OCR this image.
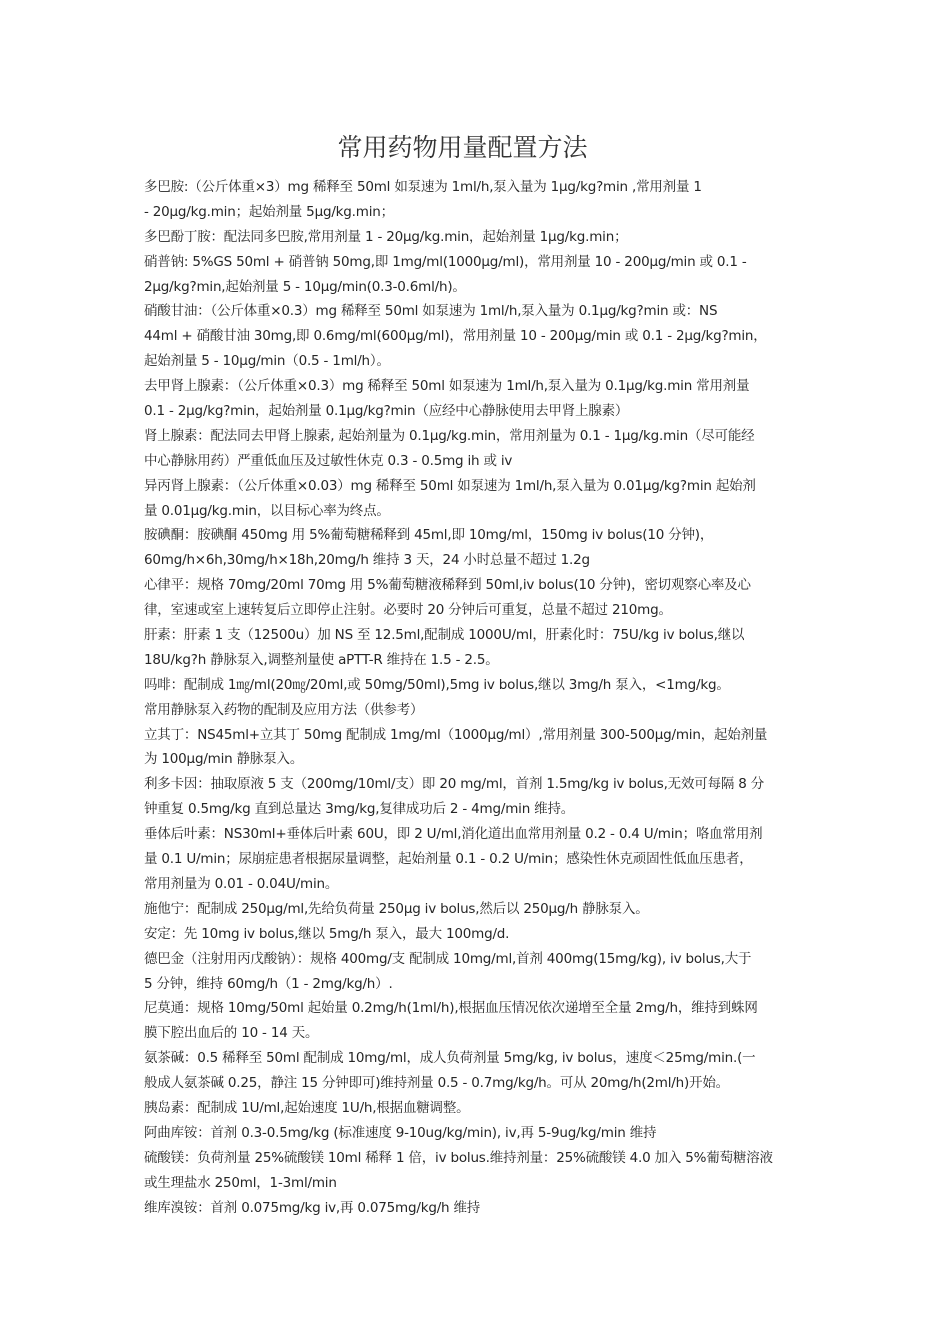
常用药物用量配置方法
多巴胺:（公斤体重×3）mg 稀释至 50ml 如泵速为 1ml/h,泵入量为 1μg/kg?min ,常用剂量 1
- 20μg/kg.min；起始剂量 5μg/kg.min；
多巴酚丁胺：配法同多巴胺,常用剂量 1 - 20μg/kg.min，起始剂量 1μg/kg.min；
硝普钠: 5%GS 50ml + 硝普钠 50mg,即 1mg/ml(1000μg/ml)，常用剂量 10 - 200μg/min 或 0.1 -
2μg/kg?min,起始剂量 5 - 10μg/min(0.3-0.6ml/h)。
硝酸甘油：（公斤体重×0.3）mg 稀释至 50ml 如泵速为 1ml/h,泵入量为 0.1μg/kg?min 或：NS
44ml + 硝酸甘油 30mg,即 0.6mg/ml(600μg/ml)，常用剂量 10 - 200μg/min 或 0.1 - 2μg/kg?min，
起始剂量 5 - 10μg/min（0.5 - 1ml/h）。
去甲肾上腺素：（公斤体重×0.3）mg 稀释至 50ml 如泵速为 1ml/h,泵入量为 0.1μg/kg.min 常用剂量
0.1 - 2μg/kg?min，起始剂量 0.1μg/kg?min（应经中心静脉使用去甲肾上腺素）
肾上腺素：配法同去甲肾上腺素, 起始剂量为 0.1μg/kg.min，常用剂量为 0.1 - 1μg/kg.min（尽可能经
中心静脉用药）严重低血压及过敏性休克 0.3 - 0.5mg ih 或 iv
异丙肾上腺素：（公斤体重×0.03）mg 稀释至 50ml 如泵速为 1ml/h,泵入量为 0.01μg/kg?min 起始剂
量 0.01μg/kg.min，以目标心率为终点。
胺碘酮：胺碘酮 450mg 用 5%葡萄糖稀释到 45ml,即 10mg/ml，150mg iv bolus(10 分钟)，
60mg/h×6h,30mg/h×18h,20mg/h 维持 3 天，24 小时总量不超过 1.2g
心律平：规格 70mg/20ml 70mg 用 5%葡萄糖液稀释到 50ml,iv bolus(10 分钟)，密切观察心率及心
律，室速或室上速转复后立即停止注射。必要时 20 分钟后可重复，总量不超过 210mg。
肝素：肝素 1 支（12500u）加 NS 至 12.5ml,配制成 1000U/ml，肝素化时：75U/kg iv bolus,继以
18U/kg?h 静脉泵入,调整剂量使 aPTT-R 维持在 1.5 - 2.5。
吗啡：配制成 1㎎/ml(20㎎/20ml,或 50mg/50ml),5mg iv bolus,继以 3mg/h 泵入，<1mg/kg。
常用静脉泵入药物的配制及应用方法（供参考）
立其丁：NS45ml+立其丁 50mg 配制成 1mg/ml（1000μg/ml）,常用剂量 300-500μg/min，起始剂量
为 100μg/min 静脉泵入。
利多卡因：抽取原液 5 支（200mg/10ml/支）即 20 mg/ml，首剂 1.5mg/kg iv bolus,无效可每隔 8 分
钟重复 0.5mg/kg 直到总量达 3mg/kg,复律成功后 2 - 4mg/min 维持。
垂体后叶素：NS30ml+垂体后叶素 60U，即 2 U/ml,消化道出血常用剂量 0.2 - 0.4 U/min；咯血常用剂
量 0.1 U/min；尿崩症患者根据尿量调整，起始剂量 0.1 - 0.2 U/min；感染性休克顽固性低血压患者，
常用剂量为 0.01 - 0.04U/min。
施他宁：配制成 250μg/ml,先给负荷量 250μg iv bolus,然后以 250μg/h 静脉泵入。
安定：先 10mg iv bolus,继以 5mg/h 泵入，最大 100mg/d.
德巴金（注射用丙戊酸钠）：规格 400mg/支 配制成 10mg/ml,首剂 400mg(15mg/kg), iv bolus,大于
5 分钟，维持 60mg/h（1 - 2mg/kg/h）.
尼莫通：规格 10mg/50ml 起始量 0.2mg/h(1ml/h),根据血压情况依次递增至全量 2mg/h，维持到蛛网
膜下腔出血后的 10 - 14 天。
氨茶碱：0.5 稀释至 50ml 配制成 10mg/ml，成人负荷剂量 5mg/kg, iv bolus，速度＜25mg/min.(一
般成人氨茶碱 0.25，静注 15 分钟即可)维持剂量 0.5 - 0.7mg/kg/h。可从 20mg/h(2ml/h)开始。
胰岛素：配制成 1U/ml,起始速度 1U/h,根据血糖调整。
阿曲库铵：首剂 0.3-0.5mg/kg (标准速度 9-10ug/kg/min), iv,再 5-9ug/kg/min 维持
硫酸镁：负荷剂量 25%硫酸镁 10ml 稀释 1 倍，iv bolus.维持剂量：25%硫酸镁 4.0 加入 5%葡萄糖溶液
或生理盐水 250ml，1-3ml/min
维库溴铵：首剂 0.075mg/kg iv,再 0.075mg/kg/h 维持
